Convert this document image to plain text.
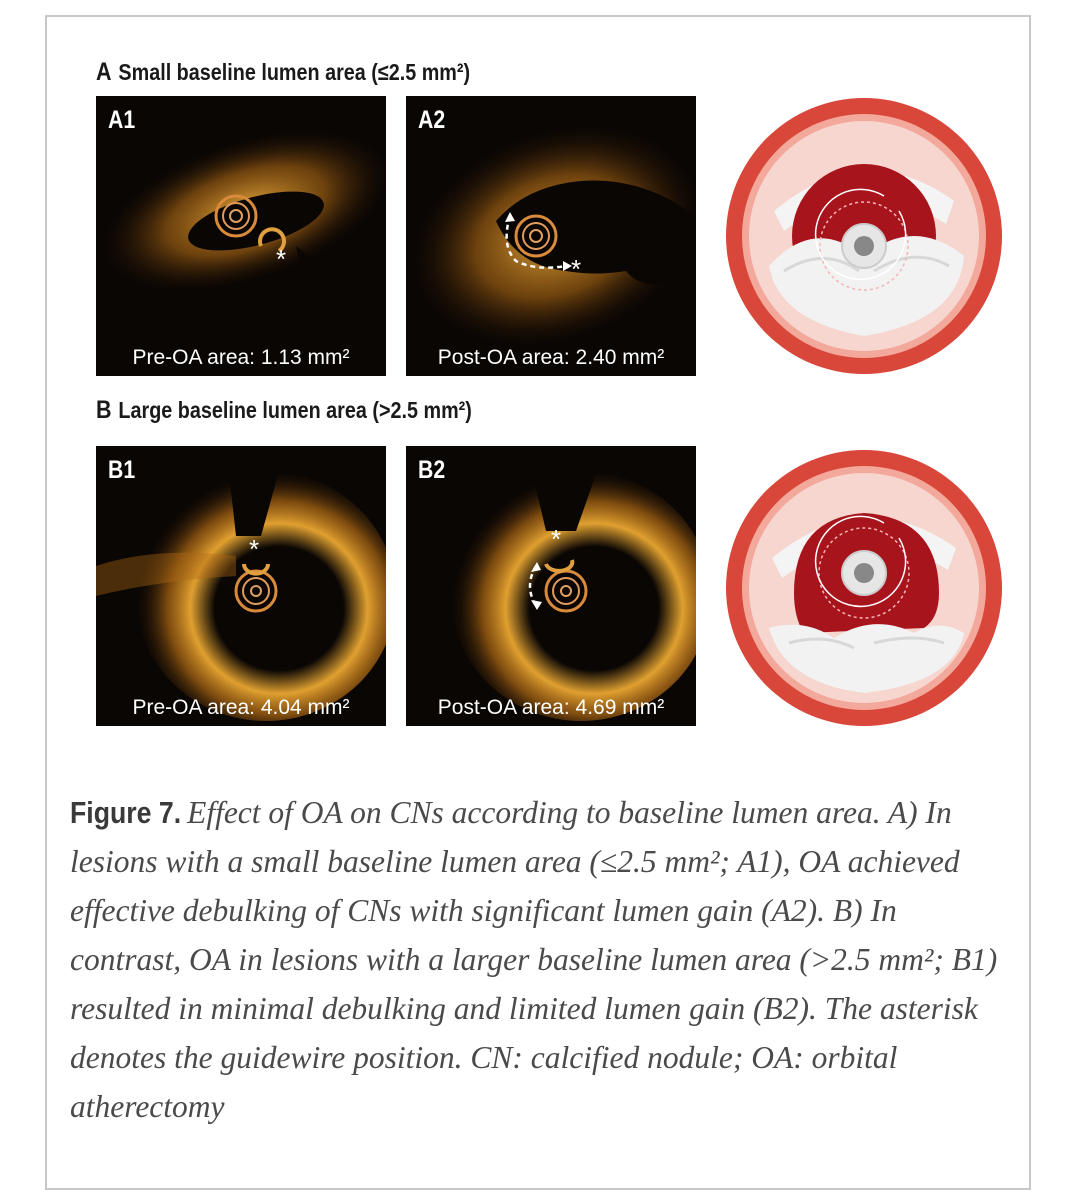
A Small baseline lumen area (≤2.5 mm²)
*
A1
Pre-OA area: 1.13 mm²
*
A2
Post-OA area: 2.40 mm²
B Large baseline lumen area (>2.5 mm²)
*
B1
Pre-OA area: 4.04 mm²
*
B2
Post-OA area: 4.69 mm²
Figure 7. Effect of OA on CNs according to baseline lumen area. A) In lesions with a small baseline lumen area (≤2.5 mm²; A1), OA achieved effective debulking of CNs with significant lumen gain (A2). B) In contrast, OA in lesions with a larger baseline lumen area (>2.5 mm²; B1) resulted in minimal debulking and limited lumen gain (B2). The asterisk denotes the guidewire position. CN: calcified nodule; OA: orbital atherectomy
